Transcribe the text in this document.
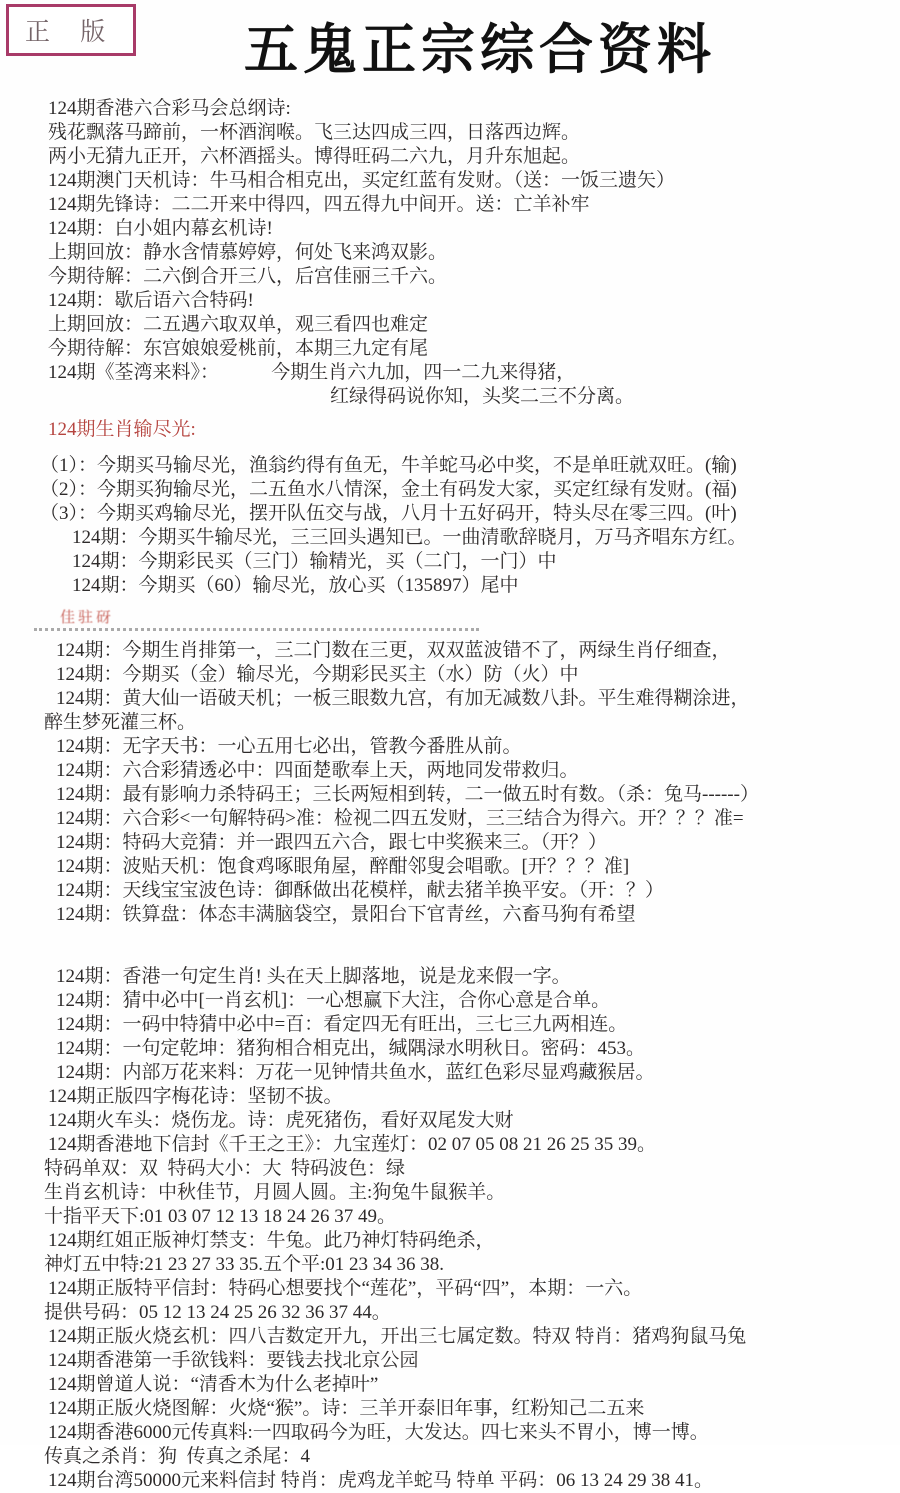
正 版	五鬼正宗综合资料
124期香港六合彩马会总纲诗:
残花飘落马蹄前，一杯酒润喉。飞三达四成三四，日落西边辉。
两小无猜九正开，六杯酒摇头。博得旺码二六九，月升东旭起。
124期澳门天机诗：牛马相合相克出，买定红蓝有发财。（送：一饭三遗矢）
124期先锋诗：二二开来中得四，四五得九中间开。送：亡羊补牢
124期：白小姐内幕玄机诗!
上期回放：静水含情慕婷婷，何处飞来鸿双影。
今期待解：二六倒合开三八，后宫佳丽三千六。
124期：歇后语六合特码!
上期回放：二五遇六取双单，观三看四也难定
今期待解：东宫娘娘爱桃前，本期三九定有尾
124期《荃湾来料》：　　　 今期生肖六九加，四一二九来得猪，
红绿得码说你知，头奖二三不分离。
124期生肖输尽光:
（1）：今期买马输尽光，渔翁约得有鱼无，牛羊蛇马必中奖，不是单旺就双旺。(输)
（2）：今期买狗输尽光，二五鱼水八情深，金土有码发大家，买定红绿有发财。(福)
（3）：今期买鸡输尽光，摆开队伍交与战，八月十五好码开，特头尽在零三四。(叶)
124期：今期买牛输尽光，三三回头遇知已。一曲清歌辞晓月，万马齐唱东方红。
124期：今期彩民买（三门）输精光，买（二门，一门）中
124期：今期买（60）输尽光，放心买（135897）尾中
佳驻砑
124期：今期生肖排第一，三二门数在三更，双双蓝波错不了，两绿生肖仔细查，
124期：今期买（金）输尽光，今期彩民买主（水）防（火）中
124期：黄大仙一语破天机；一板三眼数九宫，有加无减数八卦。平生难得糊涂进，
醉生梦死灌三杯。
124期：无字天书：一心五用七必出，管教今番胜从前。
124期：六合彩猜透必中：四面楚歌奉上天，两地同发带救归。
124期：最有影响力杀特码王；三长两短相到转，二一做五时有数。（杀：兔马------）
124期：六合彩<一句解特码>准：检视二四五发财，三三结合为得六。开？？？准=
124期：特码大竞猜：并一跟四五六合，跟七中奖猴来三。（开？）
124期：波贴天机：饱食鸡啄眼角屋，醉酣邻叟会唱歌。[开？？？准]
124期：天线宝宝波色诗：御酥做出花模样，献去猪羊换平安。（开：？）
124期：铁算盘：体态丰满脑袋空，景阳台下官青丝，六畜马狗有希望
124期：香港一句定生肖! 头在天上脚落地，说是龙来假一字。
124期：猜中必中[一肖玄机]：一心想赢下大注，合你心意是合单。
124期：一码中特猜中必中=百：看定四无有旺出，三七三九两相连。
124期：一句定乾坤：猪狗相合相克出，缄隅渌水明秋日。密码：453。
124期：内部万花来料：万花一见钟情共鱼水，蓝红色彩尽显鸡藏猴居。
124期正版四字梅花诗：坚韧不拔。
124期火车头：烧伤龙。诗：虎死猪伤，看好双尾发大财
124期香港地下信封《千王之王》：九宝莲灯：02 07 05 08 21 26 25 35 39。
特码单双：双  特码大小：大  特码波色：绿
生肖玄机诗：中秋佳节，月圆人圆。主:狗兔牛鼠猴羊。
十指平天下:01 03 07 12 13 18 24 26 37 49。
124期红姐正版神灯禁支：牛兔。此乃神灯特码绝杀，
神灯五中特:21 23 27 33 35.五个平:01 23 34 36 38.
124期正版特平信封：特码心想要找个“莲花”，平码“四”，本期：一六。
提供号码：05 12 13 24 25 26 32 36 37 44。
124期正版火烧玄机：四八吉数定开九，开出三七属定数。特双 特肖：猪鸡狗鼠马兔
124期香港第一手欲钱料：要钱去找北京公园
124期曾道人说：“清香木为什么老掉叶”
124期正版火烧图解：火烧“猴”。诗：三羊开泰旧年事，红粉知己二五来
124期香港6000元传真料:一四取码今为旺，大发达。四七来头不胃小，博一博。
传真之杀肖：狗  传真之杀尾：4
124期台湾50000元来料信封 特肖：虎鸡龙羊蛇马 特单 平码：06 13 24 29 38 41。
